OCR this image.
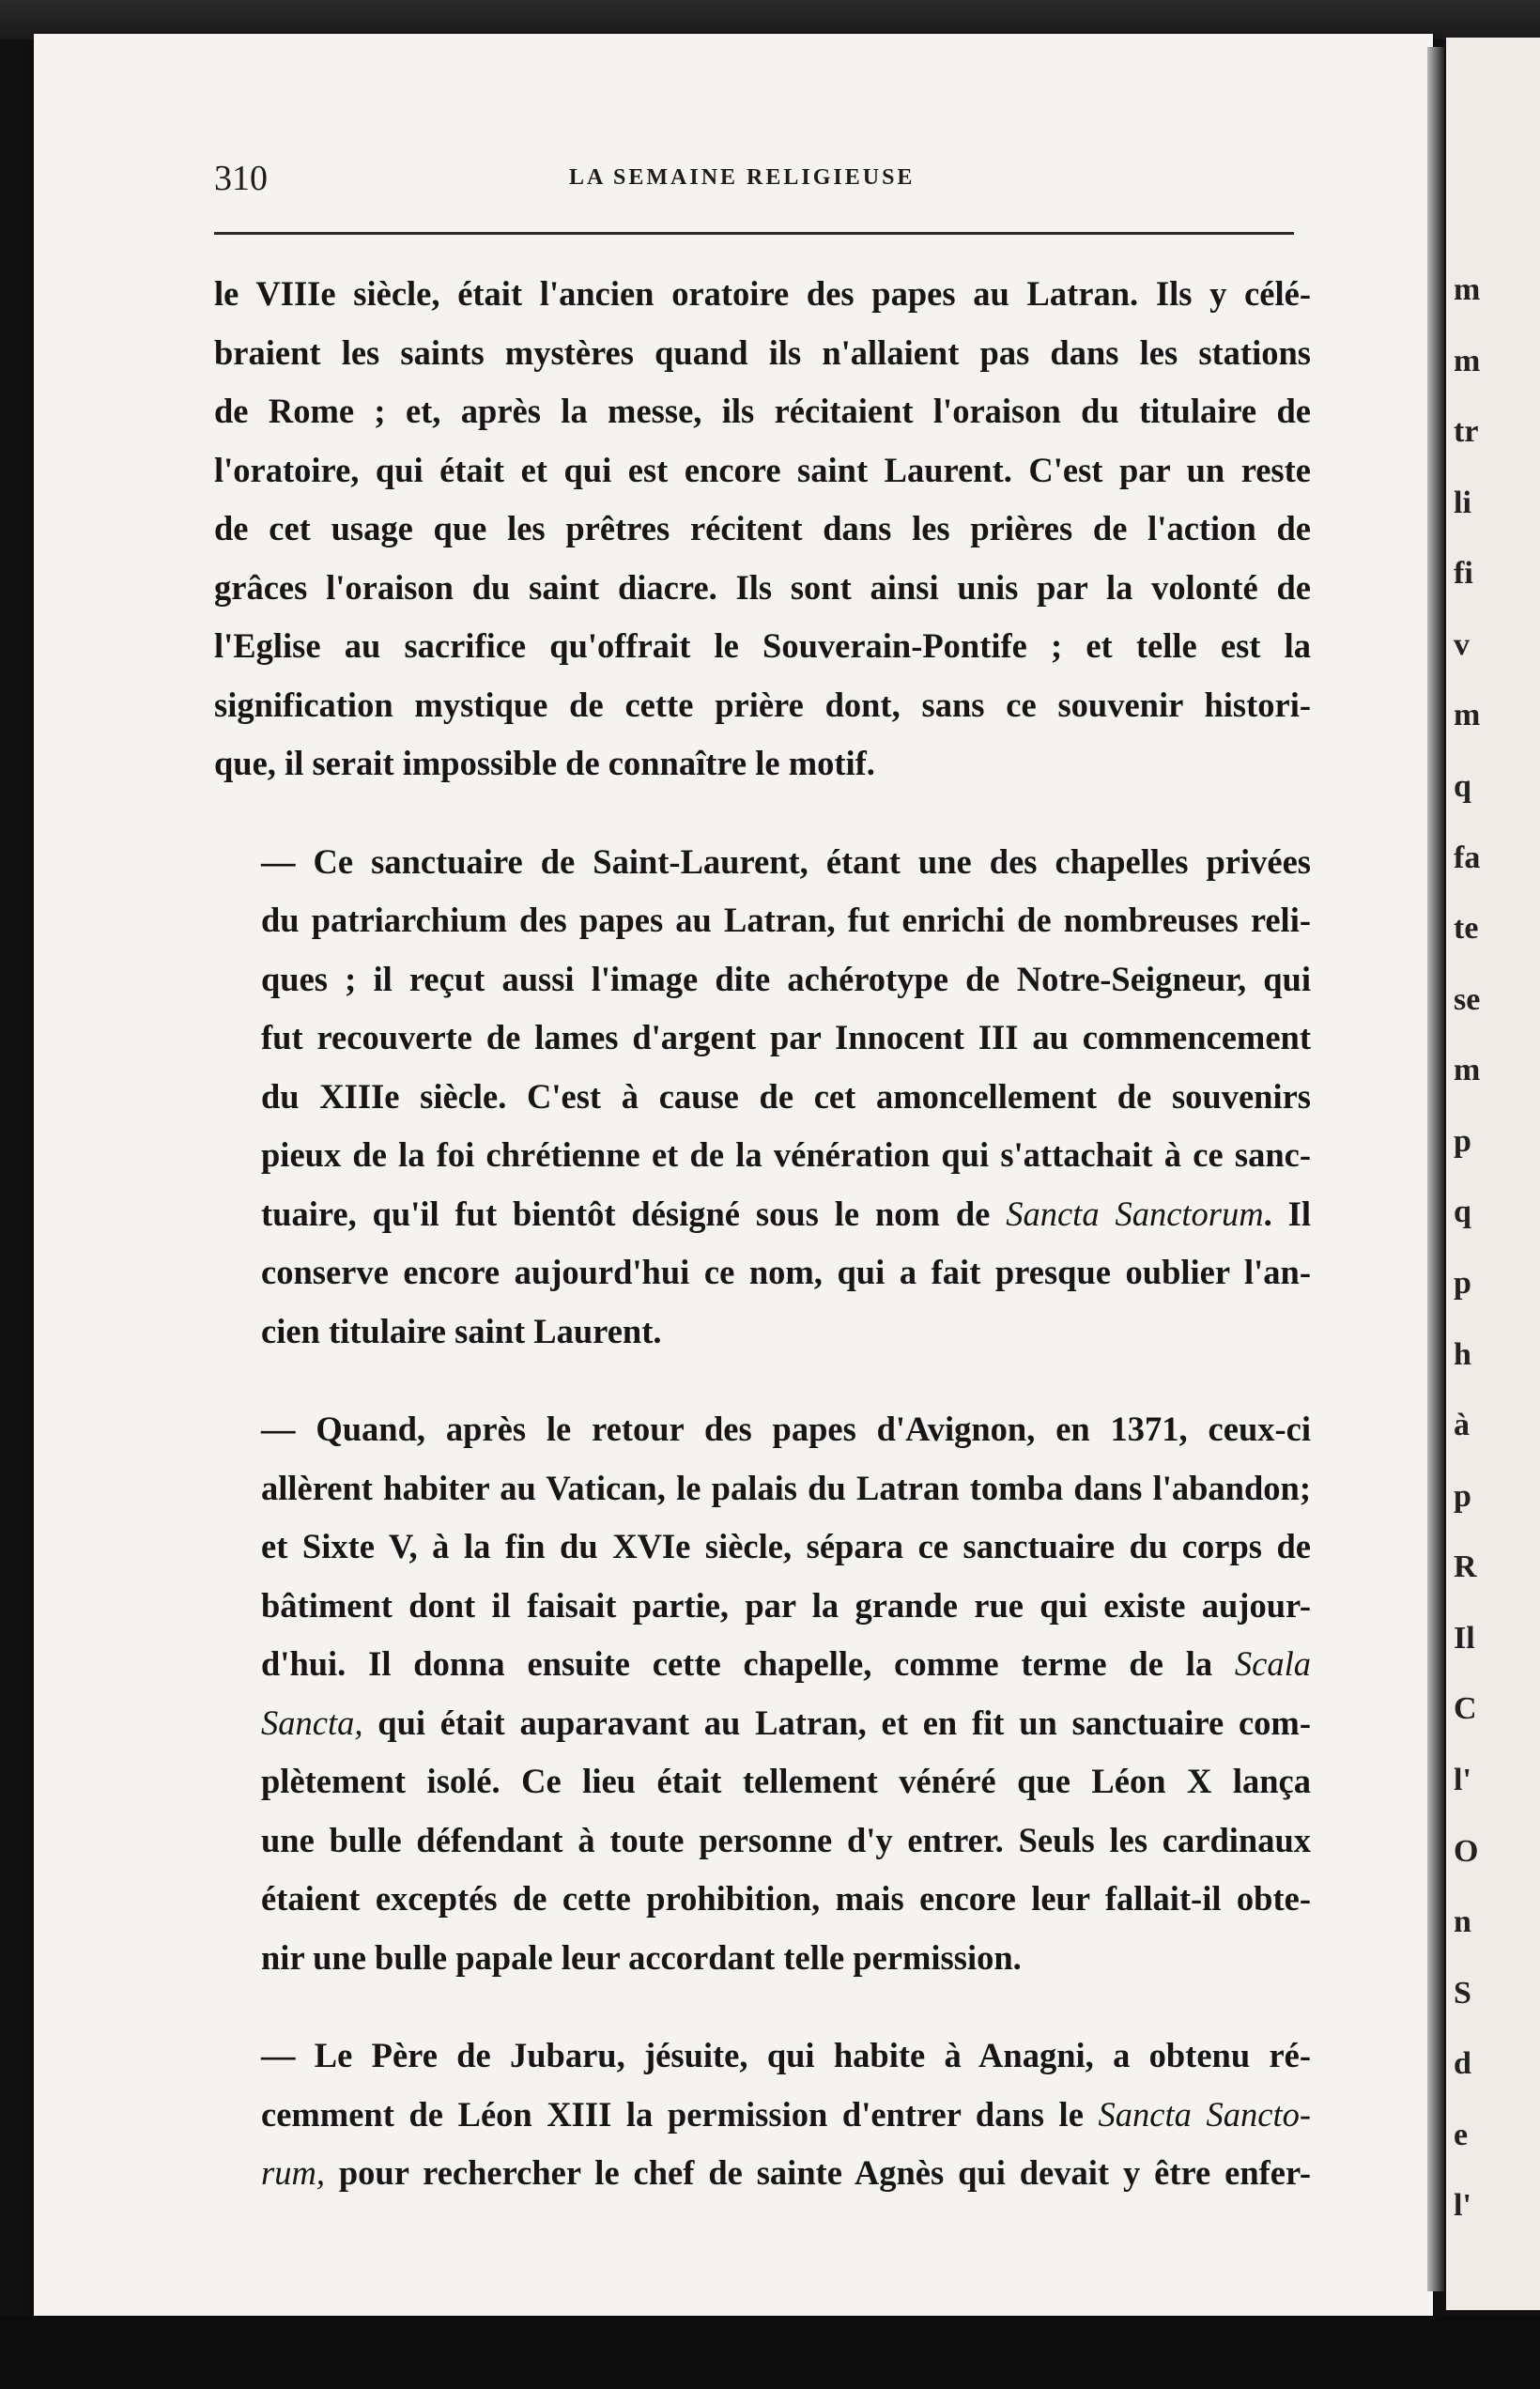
310	LA SEMAINE RELIGIEUSE

le VIIIe siècle, était l'ancien oratoire des papes au Latran. Ils y célé-
braient les saints mystères quand ils n'allaient pas dans les stations
de Rome ; et, après la messe, ils récitaient l'oraison du titulaire de
l'oratoire, qui était et qui est encore saint Laurent. C'est par un reste
de cet usage que les prêtres récitent dans les prières de l'action de
grâces l'oraison du saint diacre. Ils sont ainsi unis par la volonté de
l'Eglise au sacrifice qu'offrait le Souverain-Pontife ; et telle est la
signification mystique de cette prière dont, sans ce souvenir histori-
que, il serait impossible de connaître le motif.

— Ce sanctuaire de Saint-Laurent, étant une des chapelles privées
du patriarchium des papes au Latran, fut enrichi de nombreuses reli-
ques ; il reçut aussi l'image dite achérotype de Notre-Seigneur, qui
fut recouverte de lames d'argent par Innocent III au commencement
du XIIIe siècle. C'est à cause de cet amoncellement de souvenirs
pieux de la foi chrétienne et de la vénération qui s'attachait à ce sanc-
tuaire, qu'il fut bientôt désigné sous le nom de Sancta Sanctorum. Il
conserve encore aujourd'hui ce nom, qui a fait presque oublier l'an-
cien titulaire saint Laurent.

— Quand, après le retour des papes d'Avignon, en 1371, ceux-ci
allèrent habiter au Vatican, le palais du Latran tomba dans l'abandon;
et Sixte V, à la fin du XVIe siècle, sépara ce sanctuaire du corps de
bâtiment dont il faisait partie, par la grande rue qui existe aujour-
d'hui. Il donna ensuite cette chapelle, comme terme de la Scala
Sancta, qui était auparavant au Latran, et en fit un sanctuaire com-
plètement isolé. Ce lieu était tellement vénéré que Léon X lança
une bulle défendant à toute personne d'y entrer. Seuls les cardinaux
étaient exceptés de cette prohibition, mais encore leur fallait-il obte-
nir une bulle papale leur accordant telle permission.

— Le Père de Jubaru, jésuite, qui habite à Anagni, a obtenu ré-
cemment de Léon XIII la permission d'entrer dans le Sancta Sancto-
rum, pour rechercher le chef de sainte Agnès qui devait y être enfer-

m
m
tr
li
fi
v
m
q
fa
te
se
m
p
q
p
h
à
p
R
Il
C
l'
O
n
S
d
e
l'
